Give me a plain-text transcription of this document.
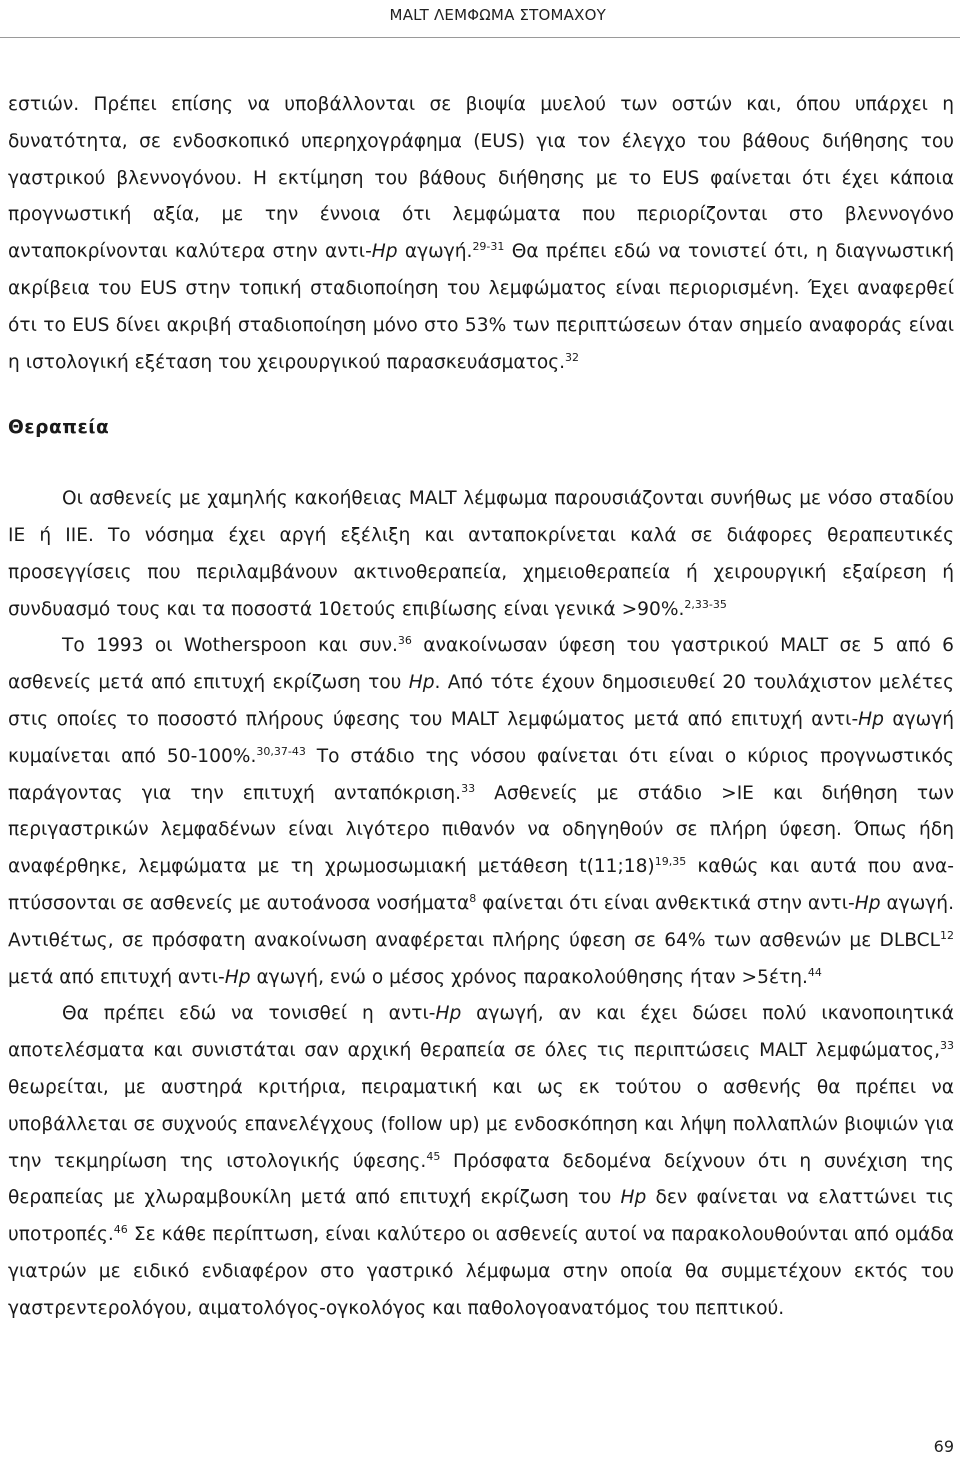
MALT ΛΕΜΦΩΜΑ ΣΤΟΜΑΧΟΥ

εστιών. Πρέπει επίσης να υποβάλλονται σε βιοψία μυελού των οστών και, όπου υπάρχει η δυνατότητα, σε ενδοσκοπικό υπερηχογράφημα (EUS) για τον έλεγχο του βάθους διήθησης του γαστρικού βλεννογόνου. Η εκτίμηση του βάθους διήθησης με το EUS φαίνεται ότι έχει κάποια προγνωστική αξία, με την έννοια ότι λεμφώματα που περιορίζονται στο βλεννογόνο ανταποκρίνονται καλύτερα στην αντι-Hp αγωγή.$^{29-31}$ Θα πρέπει εδώ να τονιστεί ότι, η διαγνωστική ακρίβεια του EUS στην τοπική σταδιοποίηση του λεμφώματος είναι περιορισμένη. Έχει αναφερθεί ότι το EUS δίνει ακριβή σταδιοποίηση μόνο στο 53% των περιπτώσεων όταν σημείο αναφοράς είναι η ιστολογική εξέταση του χειρουργικού παρασκευάσματος.$^{32}$

Θεραπεία

Οι ασθενείς με χαμηλής κακοήθειας MALT λέμφωμα παρουσιάζονται συνήθως με νόσο σταδίου ΙΕ ή ΙΙΕ. Το νόσημα έχει αργή εξέλιξη και ανταποκρίνεται καλά σε διάφορες θεραπευτικές προσεγγίσεις που περιλαμβάνουν ακτινοθεραπεία, χημειοθεραπεία ή χειρουργική εξαίρεση ή συνδυασμό τους και τα ποσοστά 10ετούς επιβίωσης είναι γενικά >90%.$^{2,33-35}$

Το 1993 οι Wotherspoon και συν.$^{36}$ ανακοίνωσαν ύφεση του γαστρικού MALT σε 5 από 6 ασθενείς μετά από επιτυχή εκρίζωση του Hp. Από τότε έχουν δημοσιευθεί 20 τουλάχιστον μελέτες στις οποίες το ποσοστό πλήρους ύφεσης του MALT λεμφώματος μετά από επιτυχή αντι-Hp αγωγή κυμαίνεται από 50-100%.$^{30,37-43}$ Το στάδιο της νόσου φαίνεται ότι είναι ο κύριος προγνωστικός παράγοντας για την επιτυχή ανταπόκριση.$^{33}$ Ασθενείς με στάδιο >ΙΕ και διήθηση των περιγαστρικών λεμφαδένων είναι λιγότερο πιθανόν να οδηγηθούν σε πλήρη ύφεση. Όπως ήδη αναφέρθηκε, λεμφώματα με τη χρωμοσωμιακή μετάθεση t(11;18)$^{19,35}$ καθώς και αυτά που αναπτύσσονται σε ασθενείς με αυτοάνοσα νοσήματα$^8$ φαίνεται ότι είναι ανθεκτικά στην αντι-Hp αγωγή. Αντιθέτως, σε πρόσφατη ανακοίνωση αναφέρεται πλήρης ύφεση σε 64% των ασθενών με DLBCL$^{12}$ μετά από επιτυχή αντι-Hp αγωγή, ενώ ο μέσος χρόνος παρακολούθησης ήταν >5έτη.$^{44}$

Θα πρέπει εδώ να τονισθεί η αντι-Hp αγωγή, αν και έχει δώσει πολύ ικανοποιητικά αποτελέσματα και συνιστάται σαν αρχική θεραπεία σε όλες τις περιπτώσεις MALT λεμφώματος,$^{33}$ θεωρείται, με αυστηρά κριτήρια, πειραματική και ως εκ τούτου ο ασθενής θα πρέπει να υποβάλλεται σε συχνούς επανελέγχους (follow up) με ενδοσκόπηση και λήψη πολλαπλών βιοψιών για την τεκμηρίωση της ιστολογικής ύφεσης.$^{45}$ Πρόσφατα δεδομένα δείχνουν ότι η συνέχιση της θεραπείας με χλωραμβουκίλη μετά από επιτυχή εκρίζωση του Hp δεν φαίνεται να ελαττώνει τις υποτροπές.$^{46}$ Σε κάθε περίπτωση, είναι καλύτερο οι ασθενείς αυτοί να παρακολουθούνται από ομάδα γιατρών με ειδικό ενδιαφέρον στο γαστρικό λέμφωμα στην οποία θα συμμετέχουν εκτός του γαστρεντερολόγου, αιματολόγος-ογκολόγος και παθολογοανατόμος του πεπτικού.

69
